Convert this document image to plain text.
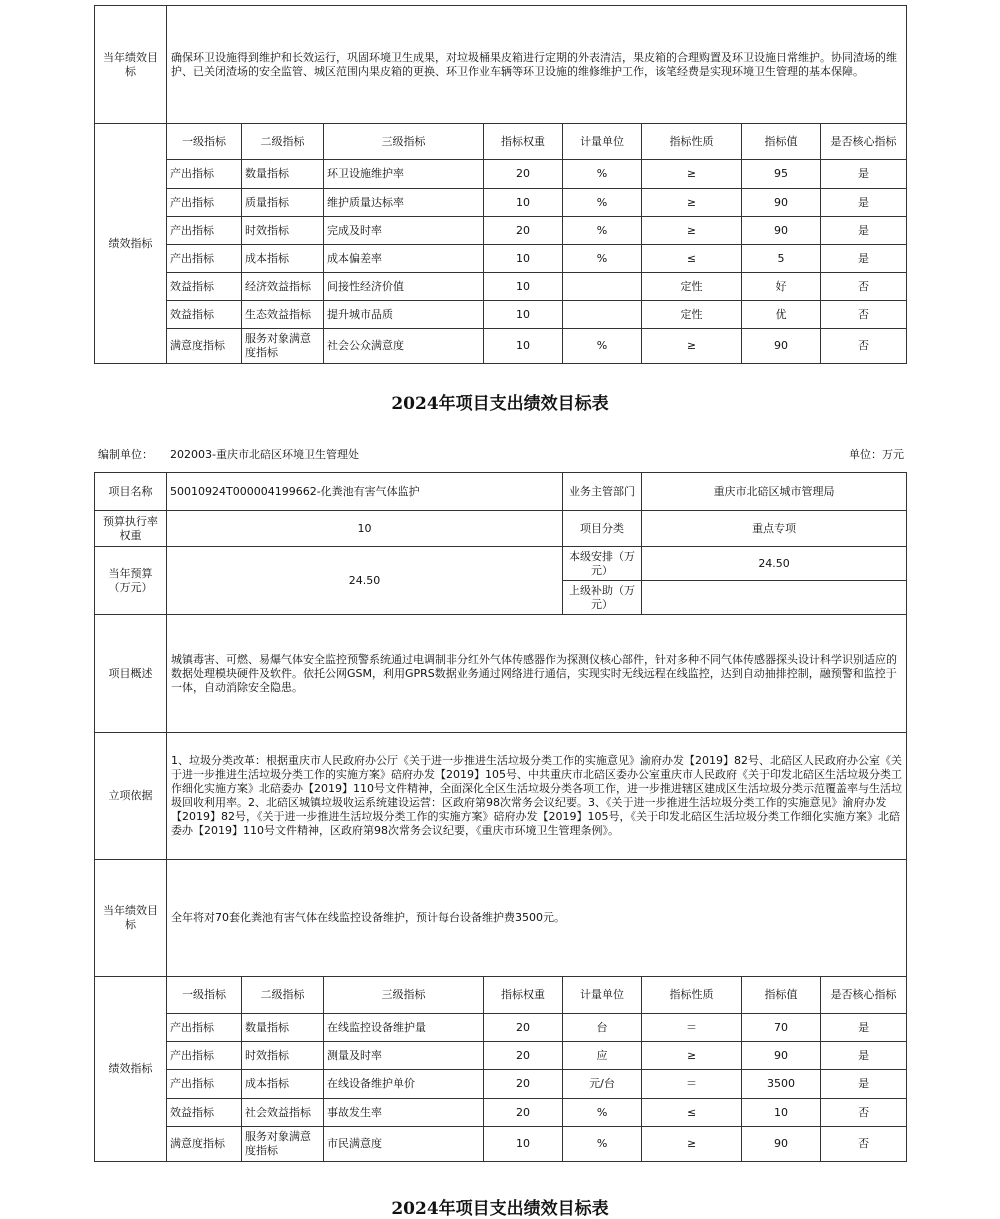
当年绩效目标	确保环卫设施得到维护和长效运行，巩固环境卫生成果，对垃圾桶果皮箱进行定期的外表清洁，果皮箱的合理购置及环卫设施日常维护。协同渣场的维护、已关闭渣场的安全监管、城区范围内果皮箱的更换、环卫作业车辆等环卫设施的维修维护工作，该笔经费是实现环境卫生管理的基本保障。							
绩效指标	一级指标	二级指标	三级指标	指标权重	计量单位	指标性质	指标值	是否核心指标
	产出指标	数量指标	环卫设施维护率	20	%	≥	95	是
	产出指标	质量指标	维护质量达标率	10	%	≥	90	是
	产出指标	时效指标	完成及时率	20	%	≥	90	是
	产出指标	成本指标	成本偏差率	10	%	≤	5	是
	效益指标	经济效益指标	间接性经济价值	10		定性	好	否
	效益指标	生态效益指标	提升城市品质	10		定性	优	否
	满意度指标	服务对象满意度指标	社会公众满意度	10	%	≥	90	否
2024年项目支出绩效目标表
编制单位： 202003-重庆市北碚区环境卫生管理处	单位：万元
项目名称	50010924T000004199662-化粪池有害气体监护				业务主管部门	重庆市北碚区城市管理局		
预算执行率权重	10				项目分类	重点专项		
当年预算（万元）	24.50				本级安排（万元）	24.50		
					上级补助（万元）			
项目概述	城镇毒害、可燃、易爆气体安全监控预警系统通过电调制非分红外气体传感器作为探测仪核心部件，针对多种不同气体传感器探头设计科学识别适应的数据处理模块硬件及软件。依托公网GSM，利用GPRS数据业务通过网络进行通信，实现实时无线远程在线监控，达到自动抽排控制，融预警和监控于一体，自动消除安全隐患。							
立项依据	1、垃圾分类改革：根据重庆市人民政府办公厅《关于进一步推进生活垃圾分类工作的实施意见》渝府办发【2019】82号、北碚区人民政府办公室《关于进一步推进生活垃圾分类工作的实施方案》碚府办发【2019】105号、中共重庆市北碚区委办公室重庆市人民政府《关于印发北碚区生活垃圾分类工作细化实施方案》北碚委办【2019】110号文件精神，全面深化全区生活垃圾分类各项工作，进一步推进辖区建成区生活垃圾分类示范覆盖率与生活垃圾回收利用率。2、北碚区城镇垃圾收运系统建设运营：区政府第98次常务会议纪要。3、《关于进一步推进生活垃圾分类工作的实施意见》渝府办发【2019】82号，《关于进一步推进生活垃圾分类工作的实施方案》碚府办发【2019】105号，《关于印发北碚区生活垃圾分类工作细化实施方案》北碚委办【2019】110号文件精神，区政府第98次常务会议纪要，《重庆市环境卫生管理条例》。							
当年绩效目标	全年将对70套化粪池有害气体在线监控设备维护，预计每台设备维护费3500元。							
绩效指标	一级指标	二级指标	三级指标	指标权重	计量单位	指标性质	指标值	是否核心指标
	产出指标	数量指标	在线监控设备维护量	20	台	＝	70	是
	产出指标	时效指标	测量及时率	20	应	≥	90	是
	产出指标	成本指标	在线设备维护单价	20	元/台	＝	3500	是
	效益指标	社会效益指标	事故发生率	20	%	≤	10	否
	满意度指标	服务对象满意度指标	市民满意度	10	%	≥	90	否
2024年项目支出绩效目标表
